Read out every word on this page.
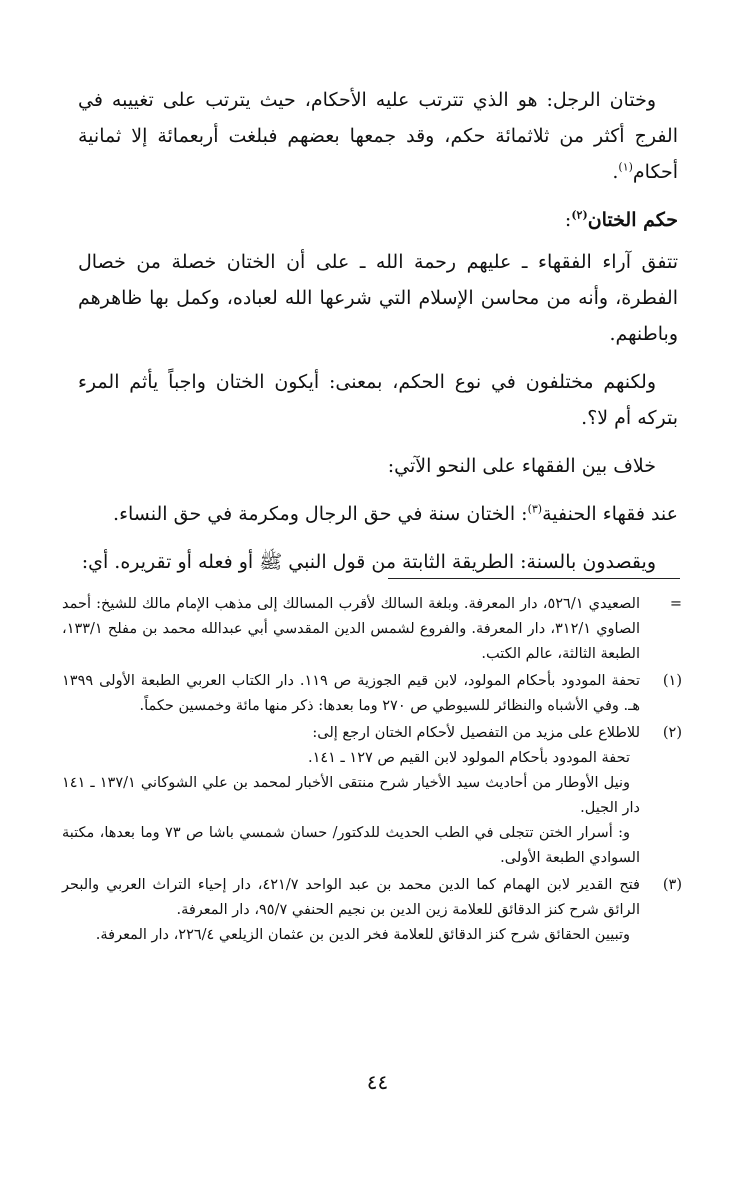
وختان الرجل: هو الذي تترتب عليه الأحكام، حيث يترتب على تغييبه في الفرج أكثر من ثلاثمائة حكم، وقد جمعها بعضهم فبلغت أربعمائة إلا ثمانية أحكام$^{(١)}$.

حكم الختان$^{(٢)}$:

تتفق آراء الفقهاء ـ عليهم رحمة الله ـ على أن الختان خصلة من خصال الفطرة، وأنه من محاسن الإسلام التي شرعها الله لعباده، وكمل بها ظاهرهم وباطنهم.

ولكنهم مختلفون في نوع الحكم، بمعنى: أيكون الختان واجباً يأثم المرء بتركه أم لا؟.

خلاف بين الفقهاء على النحو الآتي:

عند فقهاء الحنفية$^{(٣)}$: الختان سنة في حق الرجال ومكرمة في حق النساء.

ويقصدون بالسنة: الطريقة الثابتة من قول النبي ﷺ أو فعله أو تقريره. أي:

=

الصعيدي ٥٢٦/١، دار المعرفة. وبلغة السالك لأقرب المسالك إلى مذهب الإمام مالك للشيخ: أحمد الصاوي ٣١٢/١، دار المعرفة. والفروع لشمس الدين المقدسي أبي عبدالله محمد بن مفلح ١٣٣/١، الطبعة الثالثة، عالم الكتب.

(١)

تحفة المودود بأحكام المولود، لابن قيم الجوزية ص ١١٩. دار الكتاب العربي الطبعة الأولى ١٣٩٩ هـ. وفي الأشباه والنظائر للسيوطي ص ٢٧٠ وما بعدها: ذكر منها مائة وخمسين حكماً.

(٢)

للاطلاع على مزيد من التفصيل لأحكام الختان ارجع إلى:

تحفة المودود بأحكام المولود لابن القيم ص ١٢٧ ـ ١٤١.

ونيل الأوطار من أحاديث سيد الأخيار شرح منتقى الأخبار لمحمد بن علي الشوكاني ١٣٧/١ ـ ١٤١ دار الجيل.

و: أسرار الختن تتجلى في الطب الحديث للدكتور/ حسان شمسي باشا ص ٧٣ وما بعدها، مكتبة السوادي الطبعة الأولى.

(٣)

فتح القدير لابن الهمام كما الدين محمد بن عبد الواحد ٤٢١/٧، دار إحياء التراث العربي والبحر الرائق شرح كنز الدقائق للعلامة زين الدين بن نجيم الحنفي ٩٥/٧، دار المعرفة.

وتبيين الحقائق شرح كنز الدقائق للعلامة فخر الدين بن عثمان الزيلعي ٢٢٦/٤، دار المعرفة.

٤٤
